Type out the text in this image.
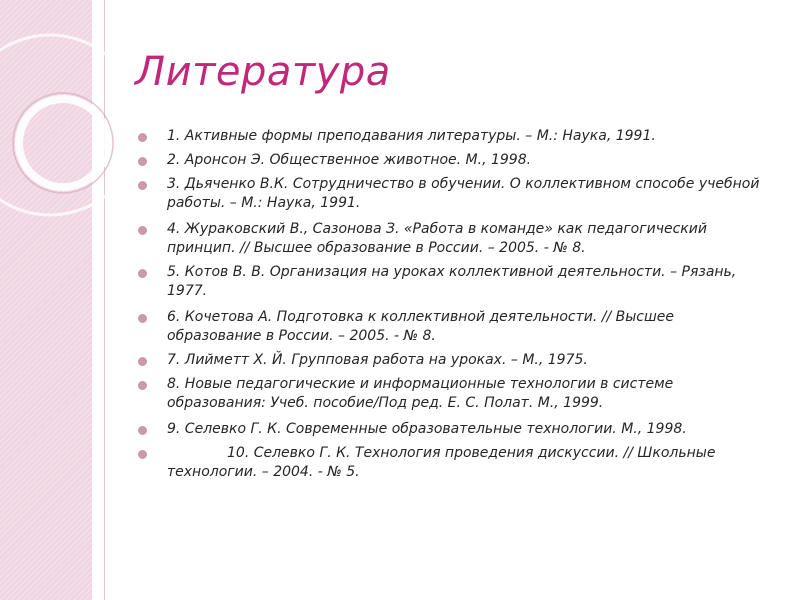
Литература
1. Активные формы преподавания литературы. – М.: Наука, 1991.
2. Аронсон Э. Общественное животное. М., 1998.
3. Дьяченко В.К. Сотрудничество в обучении. О коллективном способе учебной работы. – М.: Наука, 1991.
4. Жураковский В., Сазонова З. «Работа в команде» как педагогический принцип. // Высшее образование в России. – 2005. - № 8.
5. Котов В. В. Организация на уроках коллективной деятельности. – Рязань, 1977.
6. Кочетова А. Подготовка к коллективной деятельности. // Высшее образование в России. – 2005. - № 8.
7. Лийметт Х. Й. Групповая работа на уроках. – М., 1975.
8. Новые педагогические и информационные технологии в системе образования: Учеб. пособие/Под ред. Е. С. Полат. М., 1999.
9. Селевко Г. К. Современные образовательные технологии. М., 1998.
10. Селевко Г. К. Технология проведения дискуссии. // Школьные технологии. – 2004. - № 5.
